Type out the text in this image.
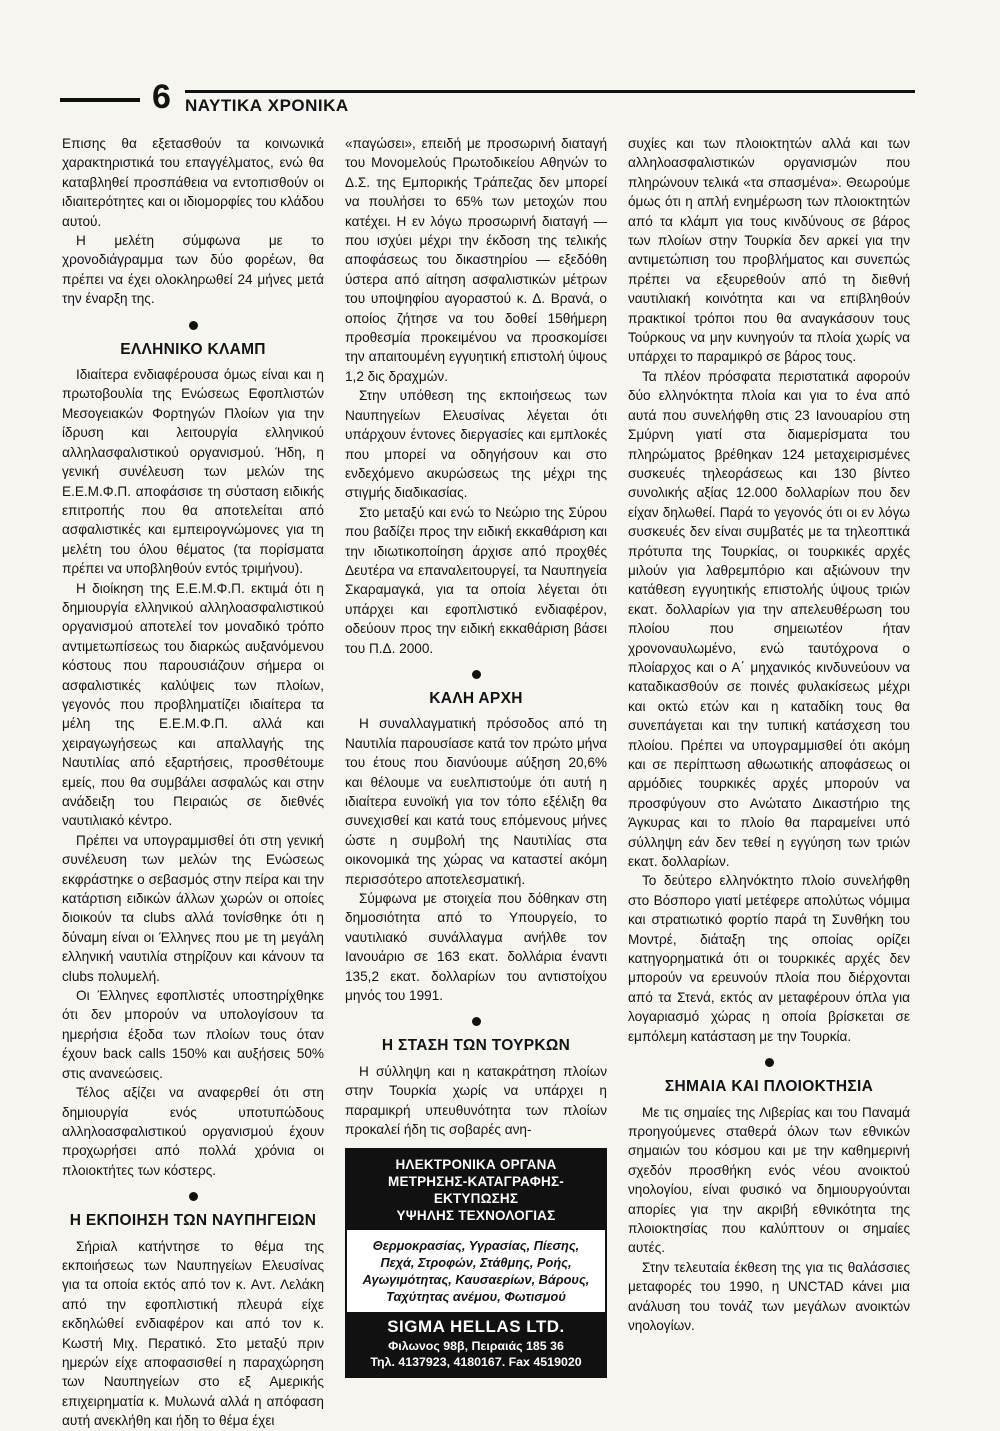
6 ΝΑΥΤΙΚΑ ΧΡΟΝΙΚΑ

Επισης θα εξετασθούν τα κοινωνικά χαρακτηριστικά του επαγγέλματος, ενώ θα καταβληθεί προσπάθεια να εντοπισθούν οι ιδιαιτερότητες και οι ιδιομορφίες του κλάδου αυτού.

Η μελέτη σύμφωνα με το χρονοδιάγραμμα των δύο φορέων, θα πρέπει να έχει ολοκληρωθεί 24 μήνες μετά την έναρξη της.

ΕΛΛΗΝΙΚΟ ΚΛΑΜΠ

Ιδιαίτερα ενδιαφέρουσα όμως είναι και η πρωτοβουλία της Ενώσεως Εφοπλιστών Μεσογειακών Φορτηγών Πλοίων για την ίδρυση και λειτουργία ελληνικού αλληλασφαλιστικού οργανισμού. Ήδη, η γενική συνέλευση των μελών της Ε.Ε.Μ.Φ.Π. αποφάσισε τη σύσταση ειδικής επιτροπής που θα αποτελείται από ασφαλιστικές και εμπειρογνώμονες για τη μελέτη του όλου θέματος (τα πορίσματα πρέπει να υποβληθούν εντός τριμήνου).

Η διοίκηση της Ε.Ε.Μ.Φ.Π. εκτιμά ότι η δημιουργία ελληνικού αλληλοασφαλιστικού οργανισμού αποτελεί τον μοναδικό τρόπο αντιμετωπίσεως του διαρκώς αυξανόμενου κόστους που παρουσιάζουν σήμερα οι ασφαλιστικές καλύψεις των πλοίων, γεγονός που προβληματίζει ιδιαίτερα τα μέλη της Ε.Ε.Μ.Φ.Π. αλλά και χειραγωγήσεως και απαλλαγής της Ναυτιλίας από εξαρτήσεις, προσθέτουμε εμείς, που θα συμβάλει ασφαλώς και στην ανάδειξη του Πειραιώς σε διεθνές ναυτιλιακό κέντρο.

Πρέπει να υπογραμμισθεί ότι στη γενική συνέλευση των μελών της Ενώσεως εκφράστηκε ο σεβασμός στην πείρα και την κατάρτιση ειδικών άλλων χωρών οι οποίες διοικούν τα clubs αλλά τονίσθηκε ότι η δύναμη είναι οι Έλληνες που με τη μεγάλη ελληνική ναυτιλία στηρίζουν και κάνουν τα clubs πολυμελή.

Οι Έλληνες εφοπλιστές υποστηρίχθηκε ότι δεν μπορούν να υπολογίσουν τα ημερήσια έξοδα των πλοίων τους όταν έχουν back calls 150% και αυξήσεις 50% στις ανανεώσεις.

Τέλος αξίζει να αναφερθεί ότι στη δημιουργία ενός υποτυπώδους αλληλοασφαλιστικού οργανισμού έχουν προχωρήσει από πολλά χρόνια οι πλοιοκτήτες των κόστερς.

Η ΕΚΠΟΙΗΣΗ ΤΩΝ ΝΑΥΠΗΓΕΙΩΝ

Σήριαλ κατήντησε το θέμα της εκποιήσεως των Ναυπηγείων Ελευσίνας για τα οποία εκτός από τον κ. Αντ. Λελάκη από την εφοπλιστική πλευρά είχε εκδηλώθεί ενδιαφέρον και από τον κ. Κωστή Μιχ. Περατικό. Στο μεταξύ πριν ημερών είχε αποφασισθεί η παραχώρηση των Ναυπηγείων στο εξ Αμερικής επιχειρηματία κ. Μυλωνά αλλά η απόφαση αυτή ανεκλήθη και ήδη το θέμα έχει

«παγώσει», επειδή με προσωρινή διαταγή του Μονομελούς Πρωτοδικείου Αθηνών το Δ.Σ. της Εμπορικής Τράπεζας δεν μπορεί να πουλήσει το 65% των μετοχών που κατέχει. Η εν λόγω προσωρινή διαταγή — που ισχύει μέχρι την έκδοση της τελικής αποφάσεως του δικαστηρίου — εξεδόθη ύστερα από αίτηση ασφαλιστικών μέτρων του υποψηφίου αγοραστού κ. Δ. Βρανά, ο οποίος ζήτησε να του δοθεί 15θήμερη προθεσμία προκειμένου να προσκομίσει την απαιτουμένη εγγυητική επιστολή ύψους 1,2 δις δραχμών.

Στην υπόθεση της εκποιήσεως των Ναυπηγείων Ελευσίνας λέγεται ότι υπάρχουν έντονες διεργασίες και εμπλοκές που μπορεί να οδηγήσουν και στο ενδεχόμενο ακυρώσεως της μέχρι της στιγμής διαδικασίας.

Στο μεταξύ και ενώ το Νεώριο της Σύρου που βαδίζει προς την ειδική εκκαθάριση και την ιδιωτικοποίηση άρχισε από προχθές Δευτέρα να επαναλειτουργεί, τα Ναυπηγεία Σκαραμαγκά, για τα οποία λέγεται ότι υπάρχει και εφοπλιστικό ενδιαφέρον, οδεύουν προς την ειδική εκκαθάριση βάσει του Π.Δ. 2000.

ΚΑΛΗ ΑΡΧΗ

Η συναλλαγματική πρόσοδος από τη Ναυτιλία παρουσίασε κατά τον πρώτο μήνα του έτους που διανύουμε αύξηση 20,6% και θέλουμε να ευελπιστούμε ότι αυτή η ιδιαίτερα ευνοϊκή για τον τόπο εξέλιξη θα συνεχισθεί και κατά τους επόμενους μήνες ώστε η συμβολή της Ναυτιλίας στα οικονομικά της χώρας να καταστεί ακόμη περισσότερο αποτελεσματική.

Σύμφωνα με στοιχεία που δόθηκαν στη δημοσιότητα από το Υπουργείο, το ναυτιλιακό συνάλλαγμα ανήλθε τον Ιανουάριο σε 163 εκατ. δολλάρια έναντι 135,2 εκατ. δολλαρίων του αντιστοίχου μηνός του 1991.

Η ΣΤΑΣΗ ΤΩΝ ΤΟΥΡΚΩΝ

Η σύλληψη και η κατακράτηση πλοίων στην Τουρκία χωρίς να υπάρχει η παραμικρή υπευθυνότητα των πλοίων προκαλεί ήδη τις σοβαρές ανη-

ΗΛΕΚΤΡΟΝΙΚΑ ΟΡΓΑΝΑ
ΜΕΤΡΗΣΗΣ-ΚΑΤΑΓΡΑΦΗΣ-ΕΚΤΥΠΩΣΗΣ
ΥΨΗΛΗΣ ΤΕΧΝΟΛΟΓΙΑΣ
Θερμοκρασίας, Υγρασίας, Πίεσης,
Πεχά, Στροφών, Στάθμης, Ροής,
Αγωγιμότητας, Καυσαερίων, Βάρους,
Ταχύτητας ανέμου, Φωτισμού
SIGMA HELLAS LTD.
Φιλωνος 98β, Πειραιάς 185 36
Τηλ. 4137923, 4180167. Fax 4519020

συχίες και των πλοιοκτητών αλλά και των αλληλοασφαλιστικών οργανισμών που πληρώνουν τελικά «τα σπασμένα». Θεωρούμε όμως ότι η απλή ενημέρωση των πλοιοκτητών από τα κλάμπ για τους κινδύνους σε βάρος των πλοίων στην Τουρκία δεν αρκεί για την αντιμετώπιση του προβλήματος και συνεπώς πρέπει να εξευρεθούν από τη διεθνή ναυτιλιακή κοινότητα και να επιβληθούν πρακτικοί τρόποι που θα αναγκάσουν τους Τούρκους να μην κυνηγούν τα πλοία χωρίς να υπάρχει το παραμικρό σε βάρος τους.

Τα πλέον πρόσφατα περιστατικά αφορούν δύο ελληνόκτητα πλοία και για το ένα από αυτά που συνελήφθη στις 23 Ιανουαρίου στη Σμύρνη γιατί στα διαμερίσματα του πληρώματος βρέθηκαν 124 μεταχειρισμένες συσκευές τηλεοράσεως και 130 βίντεο συνολικής αξίας 12.000 δολλαρίων που δεν είχαν δηλωθεί. Παρά το γεγονός ότι οι εν λόγω συσκευές δεν είναι συμβατές με τα τηλεοπτικά πρότυπα της Τουρκίας, οι τουρκικές αρχές μιλούν για λαθρεμπόριο και αξιώνουν την κατάθεση εγγυητικής επιστολής ύψους τριών εκατ. δολλαρίων για την απελευθέρωση του πλοίου που σημειωτέον ήταν χρονοναυλωμένο, ενώ ταυτόχρονα ο πλοίαρχος και ο Α΄ μηχανικός κινδυνεύουν να καταδικασθούν σε ποινές φυλακίσεως μέχρι και οκτώ ετών και η καταδίκη τους θα συνεπάγεται και την τυπική κατάσχεση του πλοίου. Πρέπει να υπογραμμισθεί ότι ακόμη και σε περίπτωση αθωωτικής αποφάσεως οι αρμόδιες τουρκικές αρχές μπορούν να προσφύγουν στο Ανώτατο Δικαστήριο της Άγκυρας και το πλοίο θα παραμείνει υπό σύλληψη εάν δεν τεθεί η εγγύηση των τριών εκατ. δολλαρίων.

Το δεύτερο ελληνόκτητο πλοίο συνελήφθη στο Βόσπορο γιατί μετέφερε απολύτως νόμιμα και στρατιωτικό φορτίο παρά τη Συνθήκη του Μοντρέ, διάταξη της οποίας ορίζει κατηγορηματικά ότι οι τουρκικές αρχές δεν μπορούν να ερευνούν πλοία που διέρχονται από τα Στενά, εκτός αν μεταφέρουν όπλα για λογαριασμό χώρας η οποία βρίσκεται σε εμπόλεμη κατάσταση με την Τουρκία.

ΣΗΜΑΙΑ ΚΑΙ ΠΛΟΙΟΚΤΗΣΙΑ

Με τις σημαίες της Λιβερίας και του Παναμά προηγούμενες σταθερά όλων των εθνικών σημαιών του κόσμου και με την καθημερινή σχεδόν προσθήκη ενός νέου ανοικτού νηολογίου, είναι φυσικό να δημιουργούνται απορίες για την ακριβή εθνικότητα της πλοιοκτησίας που καλύπτουν οι σημαίες αυτές.

Στην τελευταία έκθεση της για τις θαλάσσιες μεταφορές του 1990, η UNCTAD κάνει μια ανάλυση του τονάζ των μεγάλων ανοικτών νηολογίων.
